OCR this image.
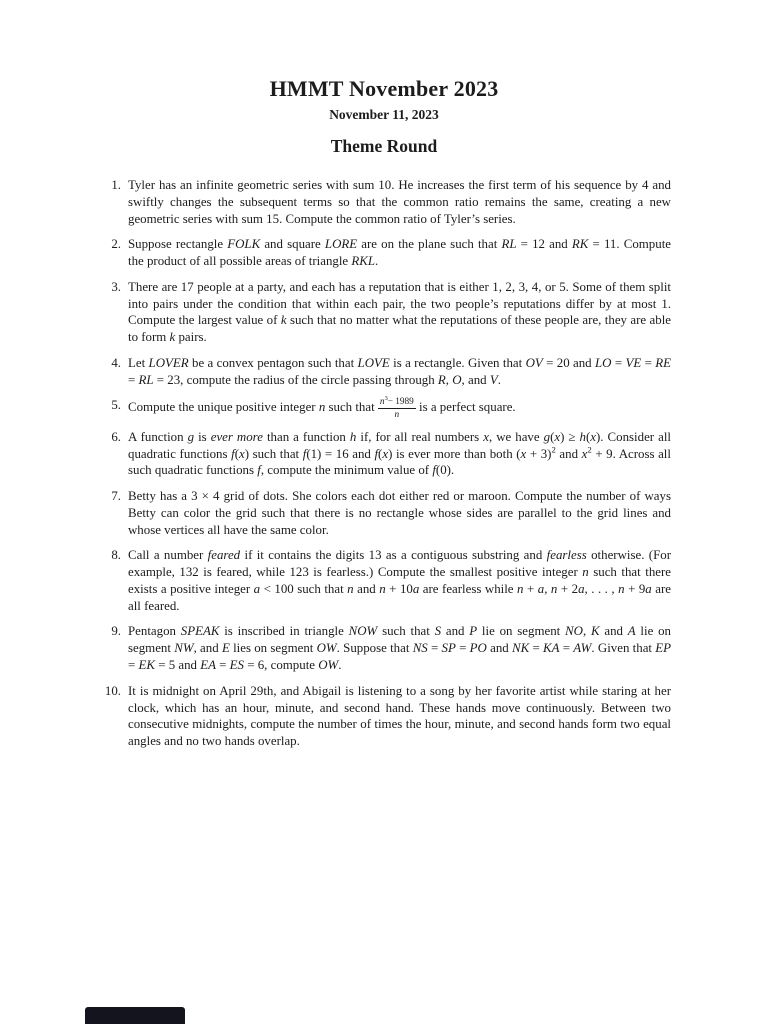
HMMT November 2023
November 11, 2023
Theme Round
1. Tyler has an infinite geometric series with sum 10. He increases the first term of his sequence by 4 and swiftly changes the subsequent terms so that the common ratio remains the same, creating a new geometric series with sum 15. Compute the common ratio of Tyler’s series.
2. Suppose rectangle FOLK and square LORE are on the plane such that RL = 12 and RK = 11. Compute the product of all possible areas of triangle RKL.
3. There are 17 people at a party, and each has a reputation that is either 1, 2, 3, 4, or 5. Some of them split into pairs under the condition that within each pair, the two people’s reputations differ by at most 1. Compute the largest value of k such that no matter what the reputations of these people are, they are able to form k pairs.
4. Let LOVER be a convex pentagon such that LOVE is a rectangle. Given that OV = 20 and LO = VE = RE = RL = 23, compute the radius of the circle passing through R, O, and V.
5. Compute the unique positive integer n such that $\frac{n^3- 1989}{n}$ is a perfect square.
6. A function g is ever more than a function h if, for all real numbers x, we have g(x) ≥ h(x). Consider all quadratic functions f(x) such that f(1) = 16 and f(x) is ever more than both $(x + 3)^2$ and $x^2 + 9$. Across all such quadratic functions f, compute the minimum value of f(0).
7. Betty has a 3 × 4 grid of dots. She colors each dot either red or maroon. Compute the number of ways Betty can color the grid such that there is no rectangle whose sides are parallel to the grid lines and whose vertices all have the same color.
8. Call a number feared if it contains the digits 13 as a contiguous substring and fearless otherwise. (For example, 132 is feared, while 123 is fearless.) Compute the smallest positive integer n such that there exists a positive integer a < 100 such that n and n + 10a are fearless while n + a, n + 2a, . . . , n + 9a are all feared.
9. Pentagon SPEAK is inscribed in triangle NOW such that S and P lie on segment NO, K and A lie on segment NW, and E lies on segment OW. Suppose that NS = SP = PO and NK = KA = AW. Given that EP = EK = 5 and EA = ES = 6, compute OW.
10. It is midnight on April 29th, and Abigail is listening to a song by her favorite artist while staring at her clock, which has an hour, minute, and second hand. These hands move continuously. Between two consecutive midnights, compute the number of times the hour, minute, and second hands form two equal angles and no two hands overlap.
